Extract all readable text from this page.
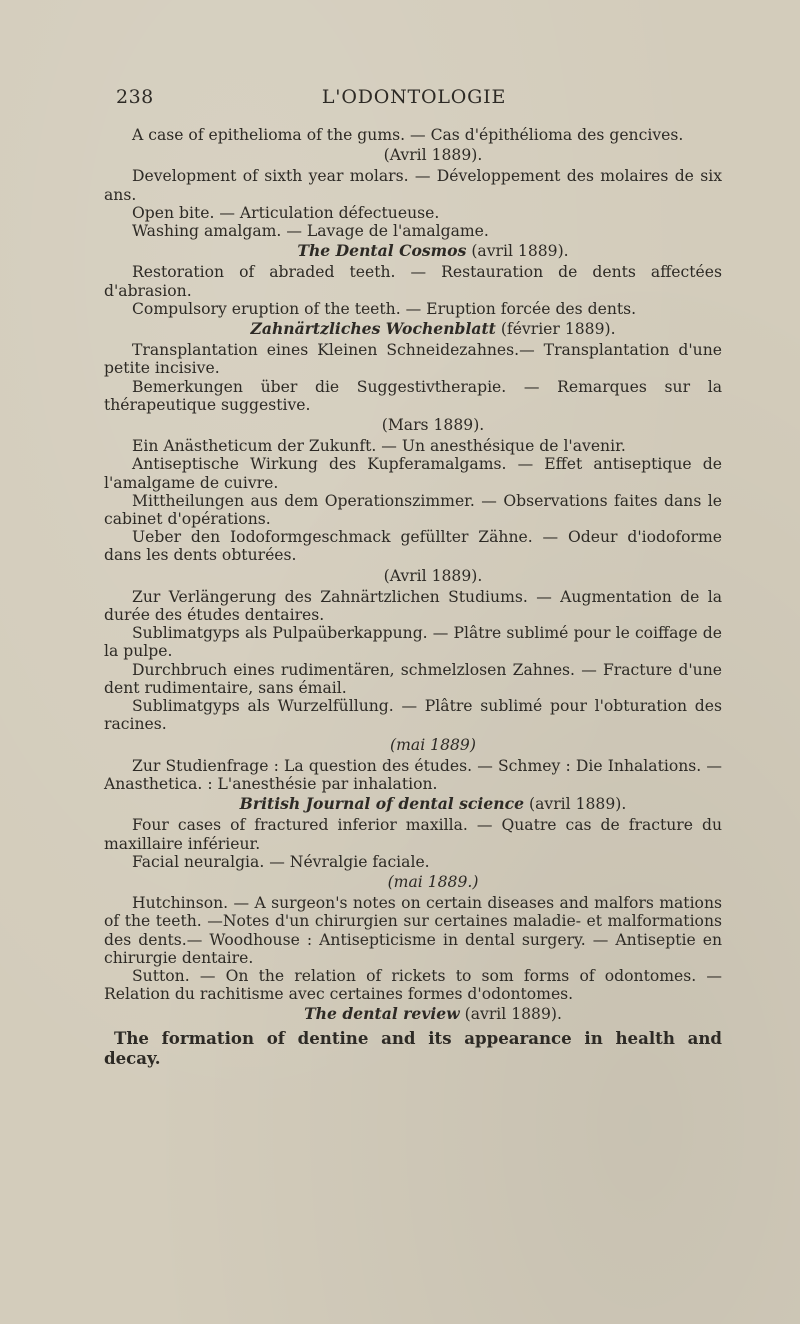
238	L'ODONTOLOGIE

A case of epithelioma of the gums. — Cas d'épithélioma des gencives.

(Avril 1889).

Development of sixth year molars. — Développement des molaires de six ans.

Open bite. — Articulation défectueuse.

Washing amalgam. — Lavage de l'amalgame.

The Dental Cosmos (avril 1889).

Restoration of abraded teeth. — Restauration de dents affectées d'abrasion.

Compulsory eruption of the teeth. — Eruption forcée des dents.

Zahnärtzliches Wochenblatt (février 1889).

Transplantation eines Kleinen Schneidezahnes.— Transplantation d'une petite incisive.

Bemerkungen über die Suggestivtherapie. — Remarques sur la thérapeutique suggestive.

(Mars 1889).

Ein Anästheticum der Zukunft. — Un anesthésique de l'avenir.

Antiseptische Wirkung des Kupferamalgams. — Effet antiseptique de l'amalgame de cuivre.

Mittheilungen aus dem Operationszimmer. — Observations faites dans le cabinet d'opérations.

Ueber den Iodoformgeschmack gefüllter Zähne. — Odeur d'iodoforme dans les dents obturées.

(Avril 1889).

Zur Verlängerung des Zahnärtzlichen Studiums. — Augmentation de la durée des études dentaires.

Sublimatgyps als Pulpaüberkappung. — Plâtre sublimé pour le coiffage de la pulpe.

Durchbruch eines rudimentären, schmelzlosen Zahnes. — Fracture d'une dent rudimentaire, sans émail.

Sublimatgyps als Wurzelfüllung. — Plâtre sublimé pour l'obturation des racines.

(mai 1889)

Zur Studienfrage : La question des études. — Schmey : Die Inhalations. — Anasthetica. : L'anesthésie par inhalation.

British Journal of dental science (avril 1889).

Four cases of fractured inferior maxilla. — Quatre cas de fracture du maxillaire inférieur.

Facial neuralgia. — Névralgie faciale.

(mai 1889.)

Hutchinson. — A surgeon's notes on certain diseases and malfors mations of the teeth. —Notes d'un chirurgien sur certaines maladie- et malformations des dents.— Woodhouse : Antisepticisme in dental surgery. — Antiseptie en chirurgie dentaire.

Sutton. — On the relation of rickets to som forms of odontomes. — Relation du rachitisme avec certaines formes d'odontomes.

The dental review (avril 1889).

The formation of dentine and its appearance in health and decay.
